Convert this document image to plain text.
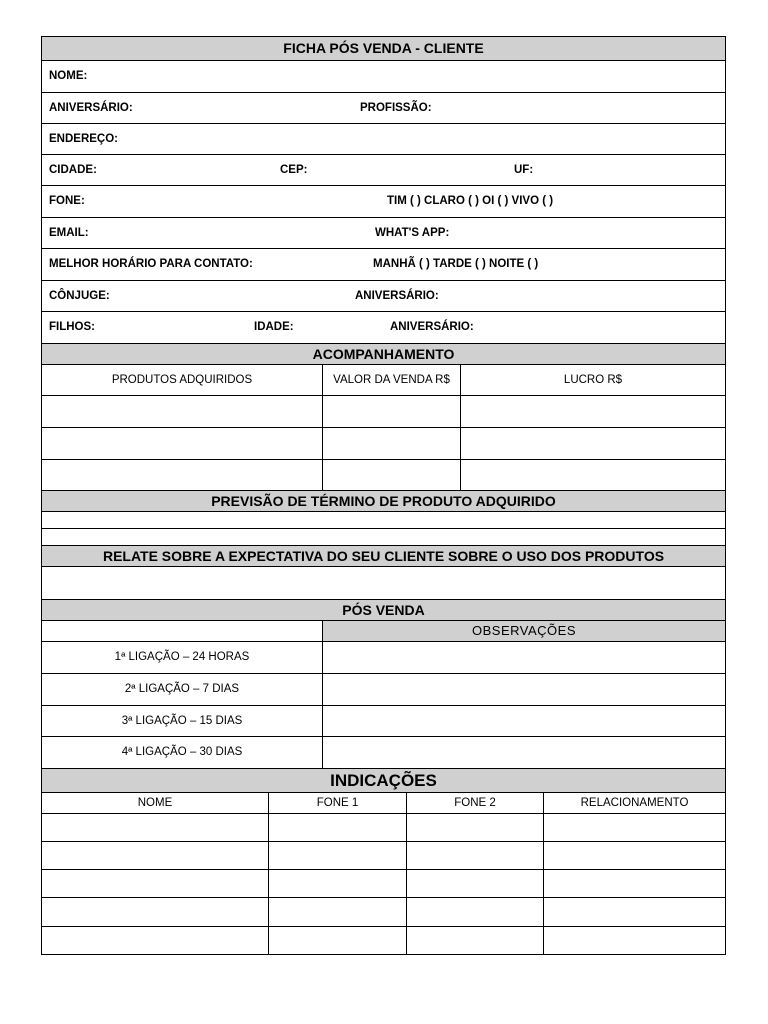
FICHA PÓS VENDA - CLIENTE
NOME:
ANIVERSÁRIO:	PROFISSÃO:
ENDEREÇO:
CIDADE:	CEP:	UF:
FONE:	TIM ( ) CLARO ( ) OI ( ) VIVO ( )
EMAIL:	WHAT'S APP:
MELHOR HORÁRIO PARA CONTATO:	MANHÃ ( ) TARDE ( ) NOITE ( )
CÔNJUGE:	ANIVERSÁRIO:
FILHOS:	IDADE:	ANIVERSÁRIO:
ACOMPANHAMENTO
PRODUTOS ADQUIRIDOS	VALOR DA VENDA R$	LUCRO R$
PREVISÃO DE TÉRMINO DE PRODUTO ADQUIRIDO
RELATE SOBRE A EXPECTATIVA DO SEU CLIENTE SOBRE O USO DOS PRODUTOS
PÓS VENDA
OBSERVAÇÕES
1ª LIGAÇÃO – 24 HORAS
2ª LIGAÇÃO – 7 DIAS
3ª LIGAÇÃO – 15 DIAS
4ª LIGAÇÃO – 30 DIAS
INDICAÇÕES
NOME	FONE 1	FONE 2	RELACIONAMENTO
